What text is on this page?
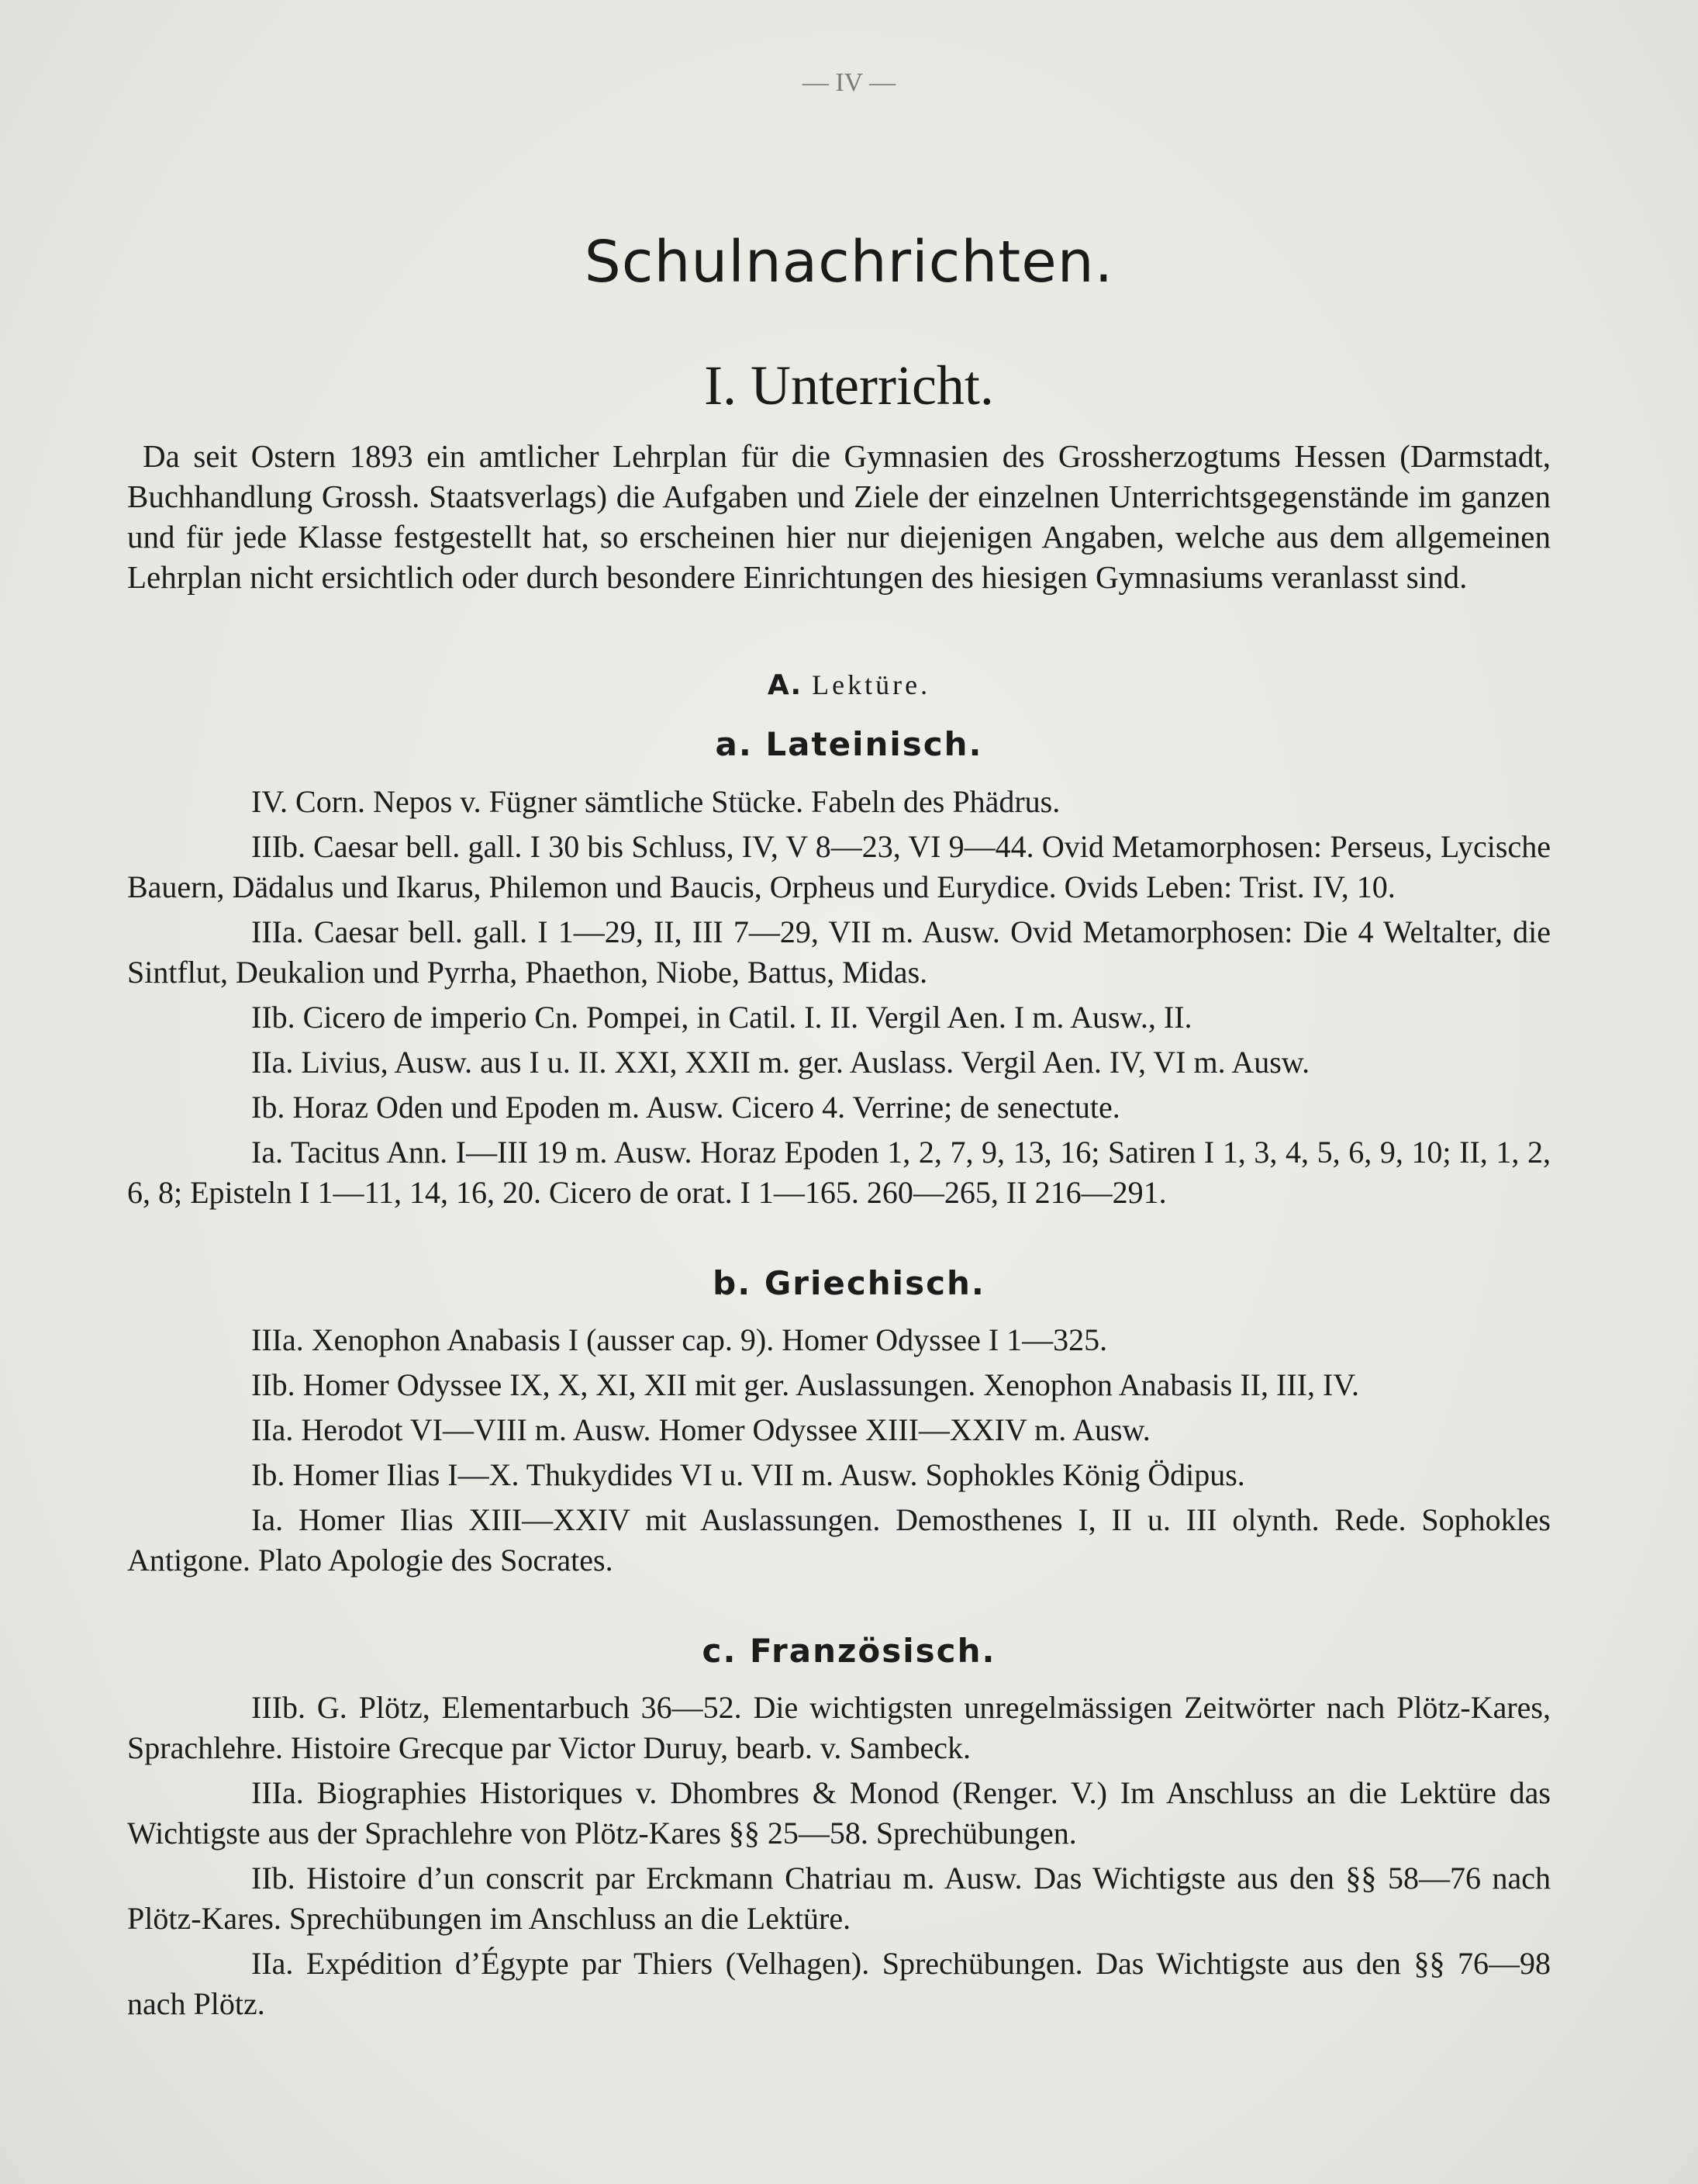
— IV —
Schulnachrichten.
I. Unterricht.

Da seit Ostern 1893 ein amtlicher Lehrplan für die Gymnasien des Grossherzogtums Hessen (Darmstadt, Buchhandlung Grossh. Staatsverlags) die Aufgaben und Ziele der einzelnen Unterrichtsgegenstände im ganzen und für jede Klasse festgestellt hat, so erscheinen hier nur diejenigen Angaben, welche aus dem allgemeinen Lehrplan nicht ersichtlich oder durch besondere Einrichtungen des hiesigen Gymnasiums veranlasst sind.

A. Lektüre.
a. Lateinisch.

IV. Corn. Nepos v. Fügner sämtliche Stücke. Fabeln des Phädrus.

IIIb. Caesar bell. gall. I 30 bis Schluss, IV, V 8—23, VI 9—44. Ovid Metamorphosen: Perseus, Lycische Bauern, Dädalus und Ikarus, Philemon und Baucis, Orpheus und Eurydice. Ovids Leben: Trist. IV, 10.

IIIa. Caesar bell. gall. I 1—29, II, III 7—29, VII m. Ausw. Ovid Metamorphosen: Die 4 Weltalter, die Sintflut, Deukalion und Pyrrha, Phaethon, Niobe, Battus, Midas.

IIb. Cicero de imperio Cn. Pompei, in Catil. I. II. Vergil Aen. I m. Ausw., II.

IIa. Livius, Ausw. aus I u. II. XXI, XXII m. ger. Auslass. Vergil Aen. IV, VI m. Ausw.

Ib. Horaz Oden und Epoden m. Ausw. Cicero 4. Verrine; de senectute.

Ia. Tacitus Ann. I—III 19 m. Ausw. Horaz Epoden 1, 2, 7, 9, 13, 16; Satiren I 1, 3, 4, 5, 6, 9, 10; II, 1, 2, 6, 8; Episteln I 1—11, 14, 16, 20. Cicero de orat. I 1—165. 260—265, II 216—291.

b. Griechisch.

IIIa. Xenophon Anabasis I (ausser cap. 9). Homer Odyssee I 1—325.

IIb. Homer Odyssee IX, X, XI, XII mit ger. Auslassungen. Xenophon Anabasis II, III, IV.

IIa. Herodot VI—VIII m. Ausw. Homer Odyssee XIII—XXIV m. Ausw.

Ib. Homer Ilias I—X. Thukydides VI u. VII m. Ausw. Sophokles König Ödipus.

Ia. Homer Ilias XIII—XXIV mit Auslassungen. Demosthenes I, II u. III olynth. Rede. Sophokles Antigone. Plato Apologie des Socrates.

c. Französisch.

IIIb. G. Plötz, Elementarbuch 36—52. Die wichtigsten unregelmässigen Zeitwörter nach Plötz-Kares, Sprachlehre. Histoire Grecque par Victor Duruy, bearb. v. Sambeck.

IIIa. Biographies Historiques v. Dhombres & Monod (Renger. V.) Im Anschluss an die Lektüre das Wichtigste aus der Sprachlehre von Plötz-Kares §§ 25—58. Sprechübungen.

IIb. Histoire d’un conscrit par Erckmann Chatriau m. Ausw. Das Wichtigste aus den §§ 58—76 nach Plötz-Kares. Sprechübungen im Anschluss an die Lektüre.

IIa. Expédition d’Égypte par Thiers (Velhagen). Sprechübungen. Das Wichtigste aus den §§ 76—98 nach Plötz.
